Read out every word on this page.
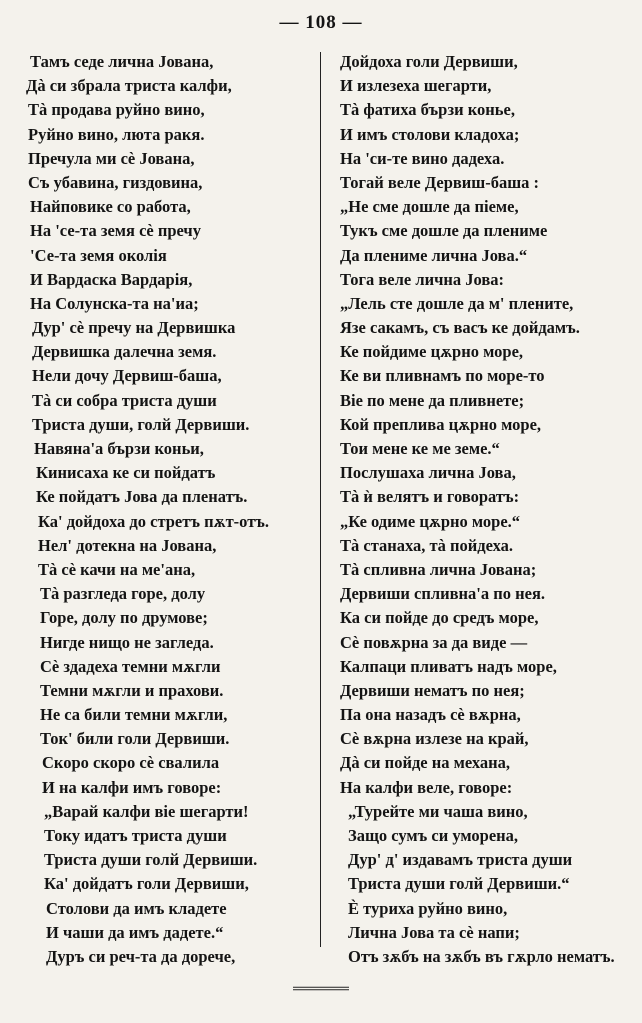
— 108 —
Тамъ седе лична Јована,
Дà си збрала триста калфи,
Тà продава руйно вино,
Руйно вино, люта ракя.
Пречула ми сѐ Јована,
Съ убавина, гиздовина,
Найповике со работа,
На 'се-та земя сѐ пречу
'Се-та земя околія
И Вардаска Вардарія,
На Солунска-та на'иа;
Дур' сѐ пречу на Дервишка
Дервишка далечна земя.
Нели дочу Дервиш-баша,
Тà си собра триста души
Триста души, голй Дервиши.
Навяна'а бързи коньи,
Кинисаха ке си пойдатъ
Ке пойдатъ Јова да пленатъ.
Ка' дойдоха до стретъ пѫт-отъ.
Нел' дотекна на Јована,
Тà сѐ качи на ме'ана,
Тà разгледа горе, долу
Горе, долу по друмове;
Нигде нищо не загледа.
Сѐ здадеха темни мѫгли
Темни мѫгли и прахови.
Не са били темни мѫгли,
Ток' били голи Дервиши.
Скоро скоро сѐ свалила
И на калфи имъ говоре:
„Варай калфи віе шегарти!
Току идатъ триста души
Триста души голй Дервиши.
Ка' дойдатъ голи Дервиши,
Столови да имъ кладете
И чаши да имъ дадете.“
Дуръ си реч-та да дорече,
Дойдоха голи Дервиши,
И излезеха шегарти,
Тà фатиха бързи коньe,
И имъ столови кладоха;
На 'си-те вино дадеха.
Тогай веле Дервиш-баша :
„Не сме дошле да піеме,
Тукъ сме дошле да плениме
Да плениме лична Јова.“
Тога веле лична Јова:
„Лель сте дошле да м' плените,
Язе сакамъ, съ васъ ке дойдамъ.
Ке пойдиме цѫрно море,
Ке ви пливнамъ по море-то
Віе по мене да пливнете;
Кой преплива цѫрно море,
Тои мене ке ме земе.“
Послушаха лична Јова,
Тà ѝ велятъ и говоратъ:
„Ке одиме цѫрно море.“
Тà станаха, тà пойдеха.
Тà спливна лична Јована;
Дервиши спливна'а по нея.
Ка си пойде до средъ море,
Сѐ повѫрна за да виде —
Калпаци пливатъ надъ море,
Дервиши нематъ по нея;
Па она назадъ сѐ вѫрна,
Сѐ вѫрна излезе на край,
Дà си пойде на механа,
На калфи веле, говоре:
„Турейте ми чаша вино,
Защо сумъ си уморена,
Дур' д' издавамъ триста души
Триста души голй Дервиши.“
Ѐ туриха руйно вино,
Лична Јова та сѐ напи;
Отъ зѫбъ на зѫбъ въ гѫрло нематъ.
